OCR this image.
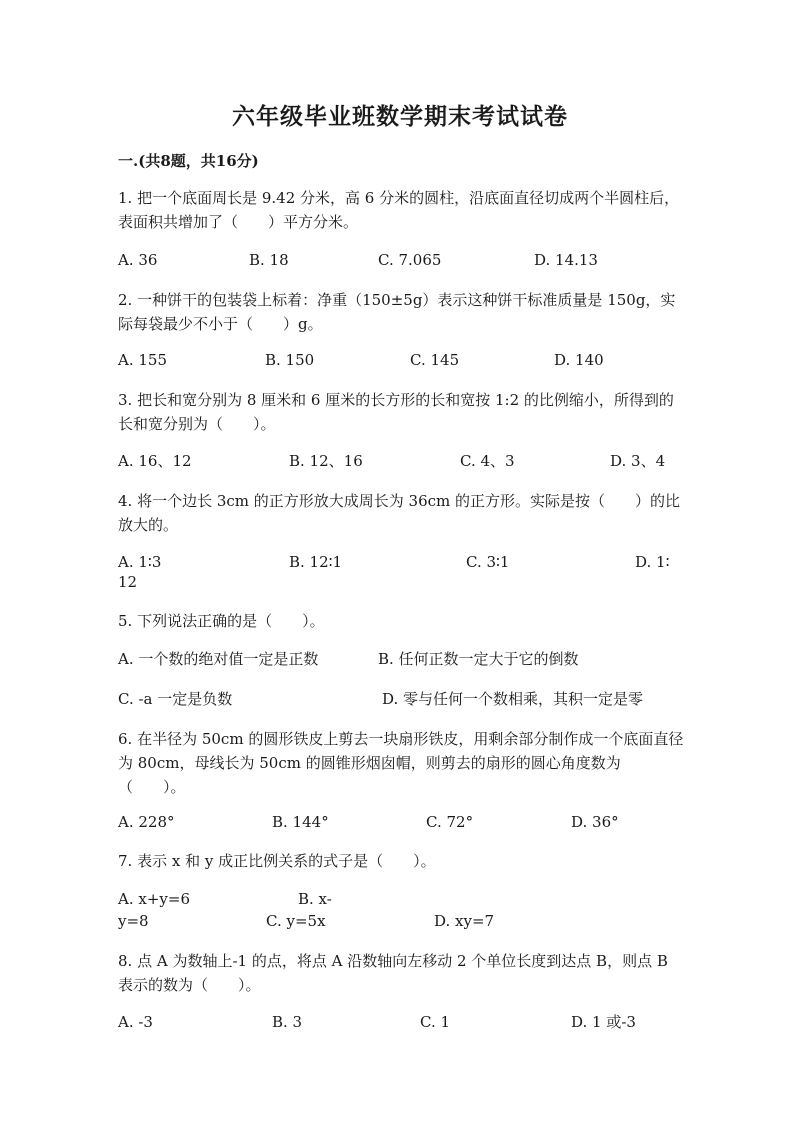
六年级毕业班数学期末考试试卷
一.(共8题，共16分)
1. 把一个底面周长是 9.42 分米，高 6 分米的圆柱，沿底面直径切成两个半圆柱后，表面积共增加了（　　）平方分米。
A. 36	B. 18	C. 7.065	D. 14.13
2. 一种饼干的包装袋上标着：净重（150±5g）表示这种饼干标准质量是 150g，实际每袋最少不小于（　　）g。
A. 155	B. 150	C. 145	D. 140
3. 把长和宽分别为 8 厘米和 6 厘米的长方形的长和宽按 1:2 的比例缩小，所得到的长和宽分别为（　　）。
A. 16、12	B. 12、16	C. 4、3	D. 3、4
4. 将一个边长 3cm 的正方形放大成周长为 36cm 的正方形。实际是按（　　）的比放大的。
A. 1∶3	B. 12∶1	C. 3∶1	D. 1∶
12
5. 下列说法正确的是（　　）。
A. 一个数的绝对值一定是正数	B. 任何正数一定大于它的倒数
C. -a 一定是负数	D. 零与任何一个数相乘，其积一定是零
6. 在半径为 50cm 的圆形铁皮上剪去一块扇形铁皮，用剩余部分制作成一个底面直径为 80cm，母线长为 50cm 的圆锥形烟囱帽，则剪去的扇形的圆心角度数为（　　）。
A. 228°	B. 144°	C. 72°	D. 36°
7. 表示 x 和 y 成正比例关系的式子是（　　）。
A. x+y=6	B. x-
y=8	C. y=5x	D. xy=7
8. 点 A 为数轴上-1 的点，将点 A 沿数轴向左移动 2 个单位长度到达点 B，则点 B 表示的数为（　　）。
A. -3	B. 3	C. 1	D. 1 或-3
